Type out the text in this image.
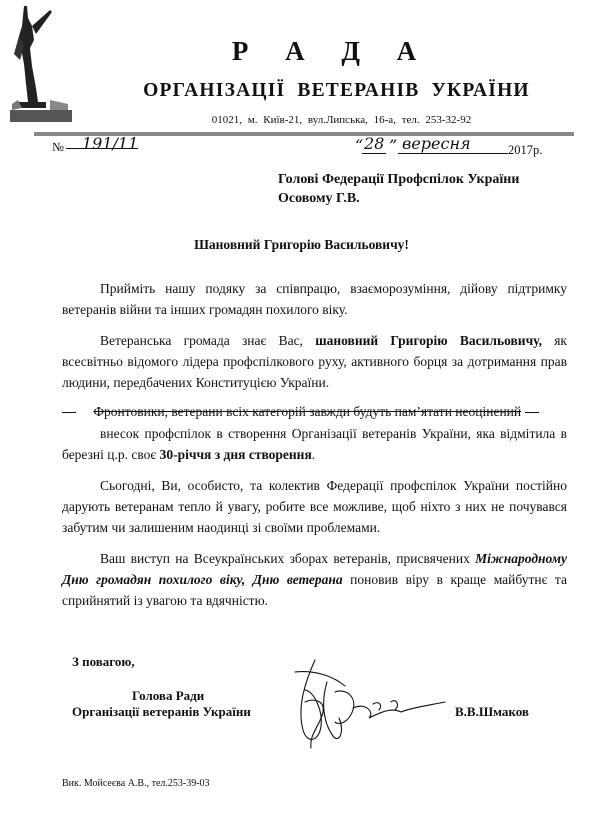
Р А Д А
ОРГАНІЗАЦІЇ ВЕТЕРАНІВ УКРАЇНИ
01021, м. Київ-21, вул.Липська, 16-а, тел. 253-32-92
№ 191/11	“ 28 ” вересня	2017р.
Голові Федерації Профспілок України
Осовому Г.В.
Шановний Григорію Васильовичу!
Прийміть нашу подяку за співпрацю, взаєморозуміння, дійову підтримку ветеранів війни та інших громадян похилого віку.
Ветеранська громада знає Вас, шановний Григорію Васильовичу, як всесвітньо відомого лідера профспілкового руху, активного борця за дотримання прав людини, передбачених Конституцією України.
Фронтовики, ветерани всіх категорій завжди будуть пам’ятати неоцінений
внесок профспілок в створення Організації ветеранів України, яка відмітила в березні ц.р. своє 30-річчя з дня створення.
Сьогодні, Ви, особисто, та колектив Федерації профспілок України постійно дарують ветеранам тепло й увагу, робите все можливе, щоб ніхто з них не почувався забутим чи залишеним наодинці зі своїми проблемами.
Ваш виступ на Всеукраїнських зборах ветеранів, присвячених Міжнародному Дню громадян похилого віку, Дню ветерана поновив віру в краще майбутнє та сприйнятий із увагою та вдячністю.
З повагою,
Голова Ради
Організації ветеранів України	В.В.Шмаков
Вик. Мойсеєва А.В., тел.253-39-03
